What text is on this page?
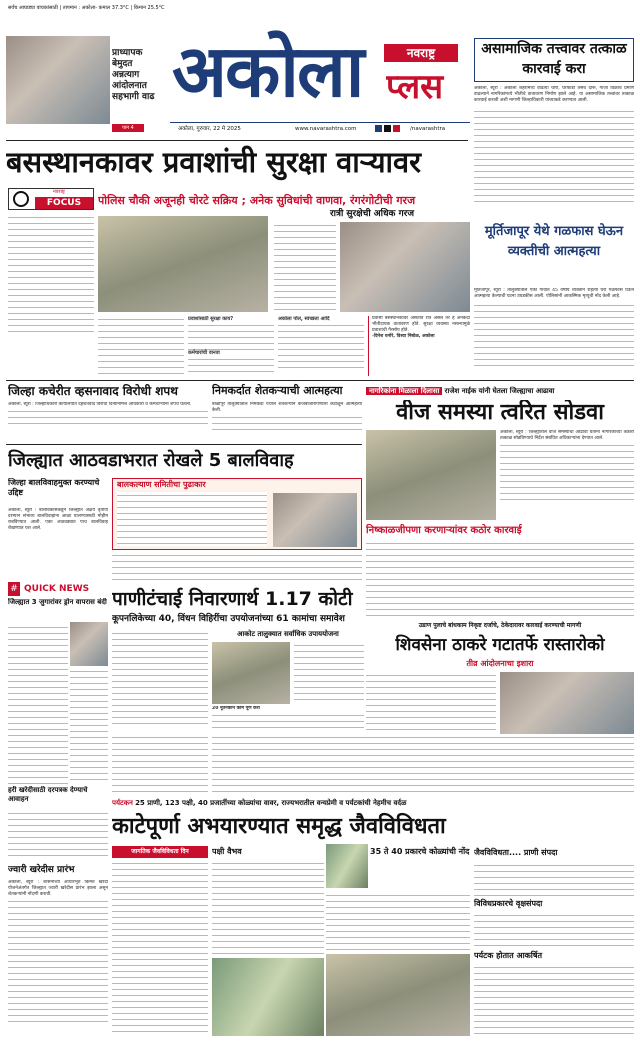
सर्वच आघाड्या वाचकांसाठी | तापमान : अकोला- कमाल 37.3°C | किमान 25.5°C
प्राध्यापक बेमुदत अन्नत्याग आंदोलनात सहभागी वाढ
पान 4
अकोला	नवराष्ट्र
प्लस
अकोला, गुरुवार, 22 मे 2025	www.navarashtra.com
	/navarashtra
असामाजिक तत्त्वावर तत्काळ कारवाई करा
अकोला, ब्यूरो : अकोला शहरामध्ये वाढत्या चोरी, घरफोडी तसेच दारू, गांजा विक्रीचे प्रमाण वाढल्याने नागरिकांमध्ये भीतीचे वातावरण निर्माण झाले आहे. या असामाजिक तत्त्वांवर तत्काळ कारवाई करावी अशी मागणी जिल्हाधिकारी यांच्याकडे करण्यात आली.
बसस्थानकावर प्रवाशांची सुरक्षा वाऱ्यावर
नवराष्ट्र
FOCUS	पोलिस चौकी अजूनही चोरटे सक्रिय ; अनेक सुविधांची वाणवा, रंगरंगोटीची गरज
रात्री सुरक्षेची अधिक गरज
प्रवाशांसाठी सुरक्षा काय?
कर्मचारांची वानवा
अकोला पोल, स्वच्छता आदि	प्रवासी बसस्थानकावर असतात रात्र असेल तर हे अनेकदा भीतीदायक वातावरण होते. सुरक्षा व्यवस्था नसल्यामुळे प्रवाशांची गैरसोय होते.
-दिनेश धनोरे, विश्वा निंबोळ, अकोला
मूर्तिजापूर येथे गळफास घेऊन व्यक्तीची आत्महत्या
मूर्तिजापूर, ब्यूरो : तालुक्यातील एका गावात 45 वर्षीय व्यक्तीने राहत्या घरी गळफास घेऊन आत्महत्या केल्याची घटना उघडकीस आली. पोलिसांनी आकस्मिक मृत्यूची नोंद केली आहे.
जिल्हा कचेरीत व्हसनावाद विरोधी शपथ
अकोला, ब्यूरो : जिल्हाधिकारी कार्यालयात दहशतवाद विरोधी दिनानिमित्त अधिकारी व कर्मचाऱ्यांनी शपथ घेतली.
निमकर्दात शेतकऱ्याची आत्महत्या
बाळापूर तालुक्यातील निमकर्दा येथील शेतकऱ्याने कर्जबाजारीपणाला कंटाळून आत्महत्या केली.
नागरिकांना मिळाला दिलासा राजेश नाईक यांनी घेतला जिल्ह्याचा आढावा
वीज समस्या त्वरित सोडवा
अकोला, ब्यूरो : जिल्ह्यातील वीज समस्यांचा आढावा घेताना नागरिकांच्या तक्रारी तत्काळ सोडविण्याचे निर्देश संबंधित अधिकाऱ्यांना देण्यात आले.
निष्काळजीपणा करणाऱ्यांवर कठोर कारवाई
जिल्ह्यात आठवडाभरात रोखले 5 बालविवाह
जिल्हा बालविवाहमुक्त करण्याचे उद्दिष्ट
अकोला, ब्यूरो : बालविकासकडून जिल्ह्यात अक्षय तृतीया दरम्यान संभाव्य बालविवाहांना आळा घालण्यासाठी मोहीम राबविण्यात आली. एका आठवड्यात पाच बालविवाह रोखण्यात यश आले.
बालकल्याण समितीचा पुढाकार
# QUICK NEWS
जिल्ह्यात 3 जुगारांवर ड्रोन वापरास बंदी
हरी खरेदीसाठी दरपत्रक देण्याचे आवाहन
पाणीटंचाई निवारणार्थ 1.17 कोटी
कूपनलिकेच्या 40, विंधन विहिरींचा उपयोजनांच्या 61 कामांचा समावेश
आकोट तालुक्यात सर्वाधिक उपाययोजना
20 नूतनकीने काम पूर्ण करा
उडाण पुलाचे बांधकाम निकृष्ट दर्जाचे, ठेकेदारावर कारवाई करण्याची मागणी
शिवसेना ठाकरे गटातर्फे रास्तारोको
तीव्र आंदोलनाचा इशारा
पर्यटकन 25 प्राणी, 123 पक्षी, 40 प्रजातींच्या कोळ्यांचा वावर, राज्यभरातील वन्यप्रेमी व पर्यटकांची नेहमीच वर्दळ
काटेपूर्णा अभयारण्यात समृद्ध जैवविविधता
जागतिक जैवविविधता दिन	पक्षी वैभव	35 ते 40 प्रकारचे कोळ्यांची नोंद जैवविविधता.... प्राणी संपदा
विविधप्रकारचे वृक्षसंपदा
पर्यटक होतात आकर्षित
ज्वारी खरेदीस प्रारंभ
अकोला, ब्यूरो : शासनाच्या आधारभूत किंमत खरेदी योजनेअंतर्गत जिल्ह्यात ज्वारी खरेदीस प्रारंभ झाला असून शेतकऱ्यांनी नोंदणी करावी.
